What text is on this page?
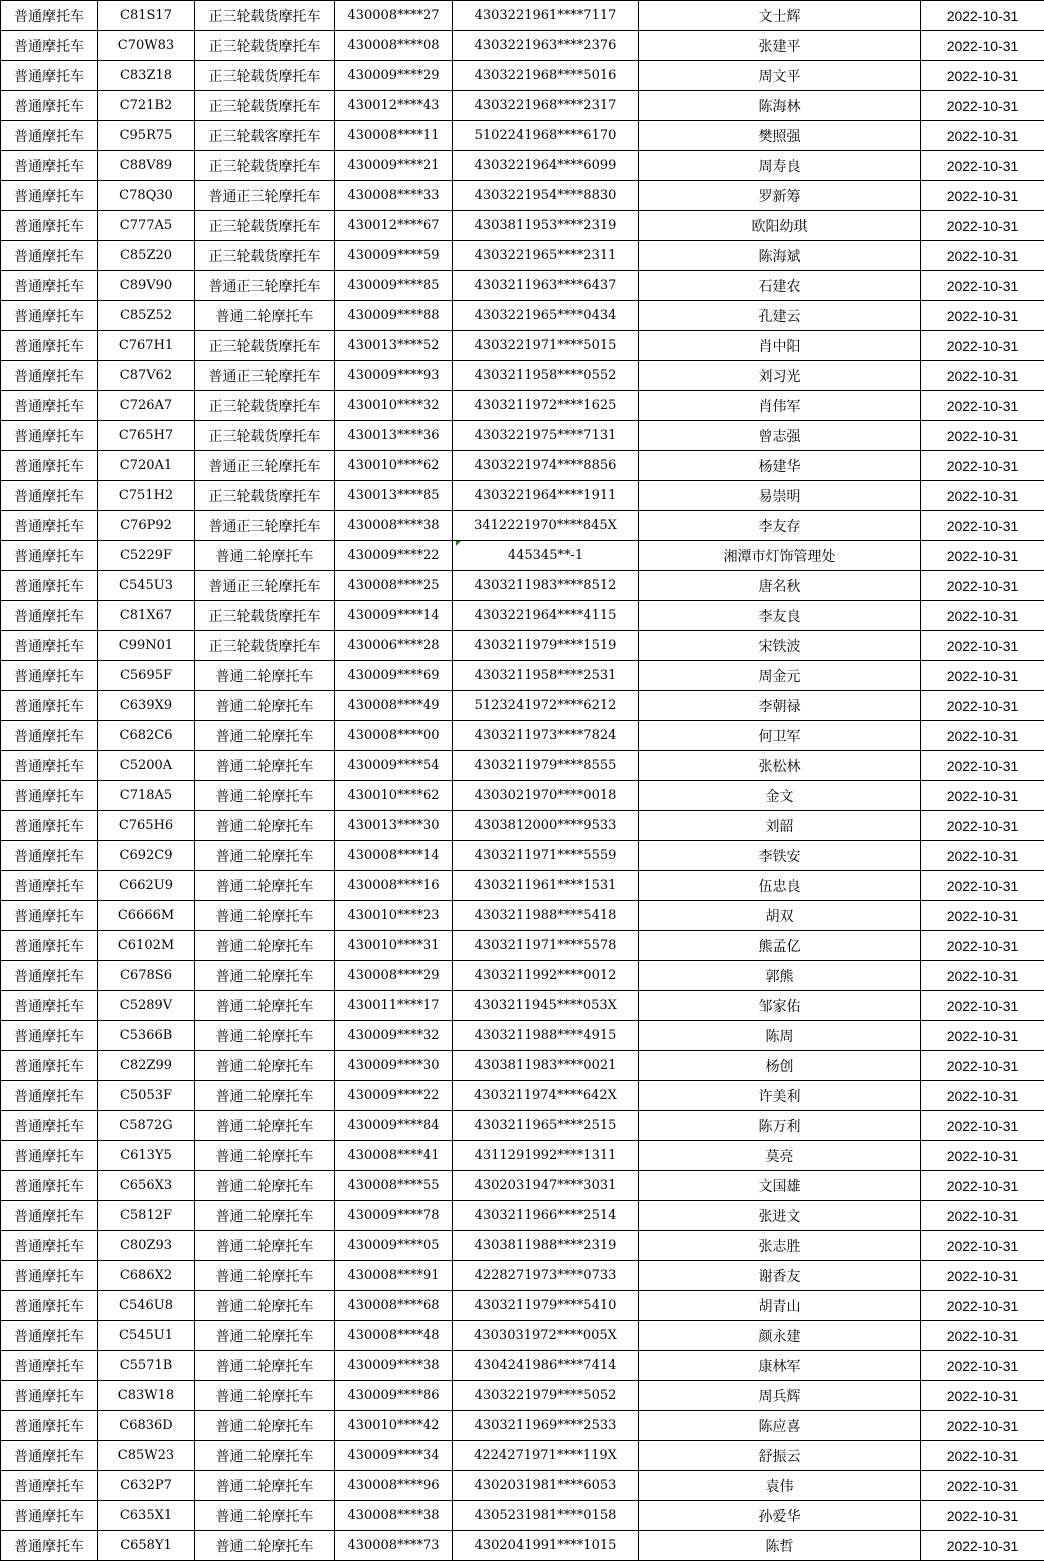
普通摩托车	C81S17	正三轮载货摩托车	430008****27	4303221961****7117	文士辉	2022-10-31
普通摩托车	C70W83	正三轮载货摩托车	430008****08	4303221963****2376	张建平	2022-10-31
普通摩托车	C83Z18	正三轮载货摩托车	430009****29	4303221968****5016	周文平	2022-10-31
普通摩托车	C721B2	正三轮载货摩托车	430012****43	4303221968****2317	陈海林	2022-10-31
普通摩托车	C95R75	正三轮载客摩托车	430008****11	5102241968****6170	樊照强	2022-10-31
普通摩托车	C88V89	正三轮载货摩托车	430009****21	4303221964****6099	周寿良	2022-10-31
普通摩托车	C78Q30	普通正三轮摩托车	430008****33	4303221954****8830	罗新筹	2022-10-31
普通摩托车	C777A5	正三轮载货摩托车	430012****67	4303811953****2319	欧阳幼琪	2022-10-31
普通摩托车	C85Z20	正三轮载货摩托车	430009****59	4303221965****2311	陈海斌	2022-10-31
普通摩托车	C89V90	普通正三轮摩托车	430009****85	4303211963****6437	石建农	2022-10-31
普通摩托车	C85Z52	普通二轮摩托车	430009****88	4303221965****0434	孔建云	2022-10-31
普通摩托车	C767H1	正三轮载货摩托车	430013****52	4303221971****5015	肖中阳	2022-10-31
普通摩托车	C87V62	普通正三轮摩托车	430009****93	4303211958****0552	刘习光	2022-10-31
普通摩托车	C726A7	正三轮载货摩托车	430010****32	4303211972****1625	肖伟军	2022-10-31
普通摩托车	C765H7	正三轮载货摩托车	430013****36	4303221975****7131	曾志强	2022-10-31
普通摩托车	C720A1	普通正三轮摩托车	430010****62	4303221974****8856	杨建华	2022-10-31
普通摩托车	C751H2	正三轮载货摩托车	430013****85	4303221964****1911	易崇明	2022-10-31
普通摩托车	C76P92	普通正三轮摩托车	430008****38	3412221970****845X	李友存	2022-10-31
普通摩托车	C5229F	普通二轮摩托车	430009****22	445345**-1	湘潭市灯饰管理处	2022-10-31
普通摩托车	C545U3	普通正三轮摩托车	430008****25	4303211983****8512	唐名秋	2022-10-31
普通摩托车	C81X67	正三轮载货摩托车	430009****14	4303221964****4115	李友良	2022-10-31
普通摩托车	C99N01	正三轮载货摩托车	430006****28	4303211979****1519	宋铁波	2022-10-31
普通摩托车	C5695F	普通二轮摩托车	430009****69	4303211958****2531	周金元	2022-10-31
普通摩托车	C639X9	普通二轮摩托车	430008****49	5123241972****6212	李朝禄	2022-10-31
普通摩托车	C682C6	普通二轮摩托车	430008****00	4303211973****7824	何卫军	2022-10-31
普通摩托车	C5200A	普通二轮摩托车	430009****54	4303211979****8555	张松林	2022-10-31
普通摩托车	C718A5	普通二轮摩托车	430010****62	4303021970****0018	金文	2022-10-31
普通摩托车	C765H6	普通二轮摩托车	430013****30	4303812000****9533	刘韶	2022-10-31
普通摩托车	C692C9	普通二轮摩托车	430008****14	4303211971****5559	李铁安	2022-10-31
普通摩托车	C662U9	普通二轮摩托车	430008****16	4303211961****1531	伍忠良	2022-10-31
普通摩托车	C6666M	普通二轮摩托车	430010****23	4303211988****5418	胡双	2022-10-31
普通摩托车	C6102M	普通二轮摩托车	430010****31	4303211971****5578	熊孟亿	2022-10-31
普通摩托车	C678S6	普通二轮摩托车	430008****29	4303211992****0012	郭熊	2022-10-31
普通摩托车	C5289V	普通二轮摩托车	430011****17	4303211945****053X	邹家佑	2022-10-31
普通摩托车	C5366B	普通二轮摩托车	430009****32	4303211988****4915	陈周	2022-10-31
普通摩托车	C82Z99	普通二轮摩托车	430009****30	4303811983****0021	杨创	2022-10-31
普通摩托车	C5053F	普通二轮摩托车	430009****22	4303211974****642X	许美利	2022-10-31
普通摩托车	C5872G	普通二轮摩托车	430009****84	4303211965****2515	陈万利	2022-10-31
普通摩托车	C613Y5	普通二轮摩托车	430008****41	4311291992****1311	莫亮	2022-10-31
普通摩托车	C656X3	普通二轮摩托车	430008****55	4302031947****3031	文国雄	2022-10-31
普通摩托车	C5812F	普通二轮摩托车	430009****78	4303211966****2514	张进文	2022-10-31
普通摩托车	C80Z93	普通二轮摩托车	430009****05	4303811988****2319	张志胜	2022-10-31
普通摩托车	C686X2	普通二轮摩托车	430008****91	4228271973****0733	谢香友	2022-10-31
普通摩托车	C546U8	普通二轮摩托车	430008****68	4303211979****5410	胡青山	2022-10-31
普通摩托车	C545U1	普通二轮摩托车	430008****48	4303031972****005X	颜永建	2022-10-31
普通摩托车	C5571B	普通二轮摩托车	430009****38	4304241986****7414	康林军	2022-10-31
普通摩托车	C83W18	普通二轮摩托车	430009****86	4303221979****5052	周兵辉	2022-10-31
普通摩托车	C6836D	普通二轮摩托车	430010****42	4303211969****2533	陈应喜	2022-10-31
普通摩托车	C85W23	普通二轮摩托车	430009****34	4224271971****119X	舒振云	2022-10-31
普通摩托车	C632P7	普通二轮摩托车	430008****96	4302031981****6053	袁伟	2022-10-31
普通摩托车	C635X1	普通二轮摩托车	430008****38	4305231981****0158	孙爱华	2022-10-31
普通摩托车	C658Y1	普通二轮摩托车	430008****73	4302041991****1015	陈哲	2022-10-31
